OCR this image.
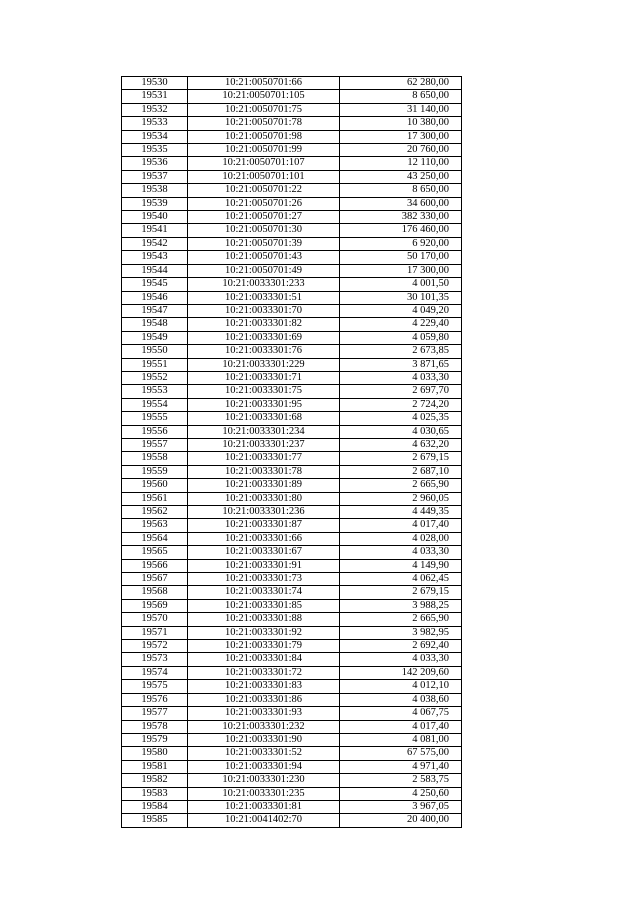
19530	10:21:0050701:66	62 280,00
19531	10:21:0050701:105	8 650,00
19532	10:21:0050701:75	31 140,00
19533	10:21:0050701:78	10 380,00
19534	10:21:0050701:98	17 300,00
19535	10:21:0050701:99	20 760,00
19536	10:21:0050701:107	12 110,00
19537	10:21:0050701:101	43 250,00
19538	10:21:0050701:22	8 650,00
19539	10:21:0050701:26	34 600,00
19540	10:21:0050701:27	382 330,00
19541	10:21:0050701:30	176 460,00
19542	10:21:0050701:39	6 920,00
19543	10:21:0050701:43	50 170,00
19544	10:21:0050701:49	17 300,00
19545	10:21:0033301:233	4 001,50
19546	10:21:0033301:51	30 101,35
19547	10:21:0033301:70	4 049,20
19548	10:21:0033301:82	4 229,40
19549	10:21:0033301:69	4 059,80
19550	10:21:0033301:76	2 673,85
19551	10:21:0033301:229	3 871,65
19552	10:21:0033301:71	4 033,30
19553	10:21:0033301:75	2 697,70
19554	10:21:0033301:95	2 724,20
19555	10:21:0033301:68	4 025,35
19556	10:21:0033301:234	4 030,65
19557	10:21:0033301:237	4 632,20
19558	10:21:0033301:77	2 679,15
19559	10:21:0033301:78	2 687,10
19560	10:21:0033301:89	2 665,90
19561	10:21:0033301:80	2 960,05
19562	10:21:0033301:236	4 449,35
19563	10:21:0033301:87	4 017,40
19564	10:21:0033301:66	4 028,00
19565	10:21:0033301:67	4 033,30
19566	10:21:0033301:91	4 149,90
19567	10:21:0033301:73	4 062,45
19568	10:21:0033301:74	2 679,15
19569	10:21:0033301:85	3 988,25
19570	10:21:0033301:88	2 665,90
19571	10:21:0033301:92	3 982,95
19572	10:21:0033301:79	2 692,40
19573	10:21:0033301:84	4 033,30
19574	10:21:0033301:72	142 209,60
19575	10:21:0033301:83	4 012,10
19576	10:21:0033301:86	4 038,60
19577	10:21:0033301:93	4 067,75
19578	10:21:0033301:232	4 017,40
19579	10:21:0033301:90	4 081,00
19580	10:21:0033301:52	67 575,00
19581	10:21:0033301:94	4 971,40
19582	10:21:0033301:230	2 583,75
19583	10:21:0033301:235	4 250,60
19584	10:21:0033301:81	3 967,05
19585	10:21:0041402:70	20 400,00
